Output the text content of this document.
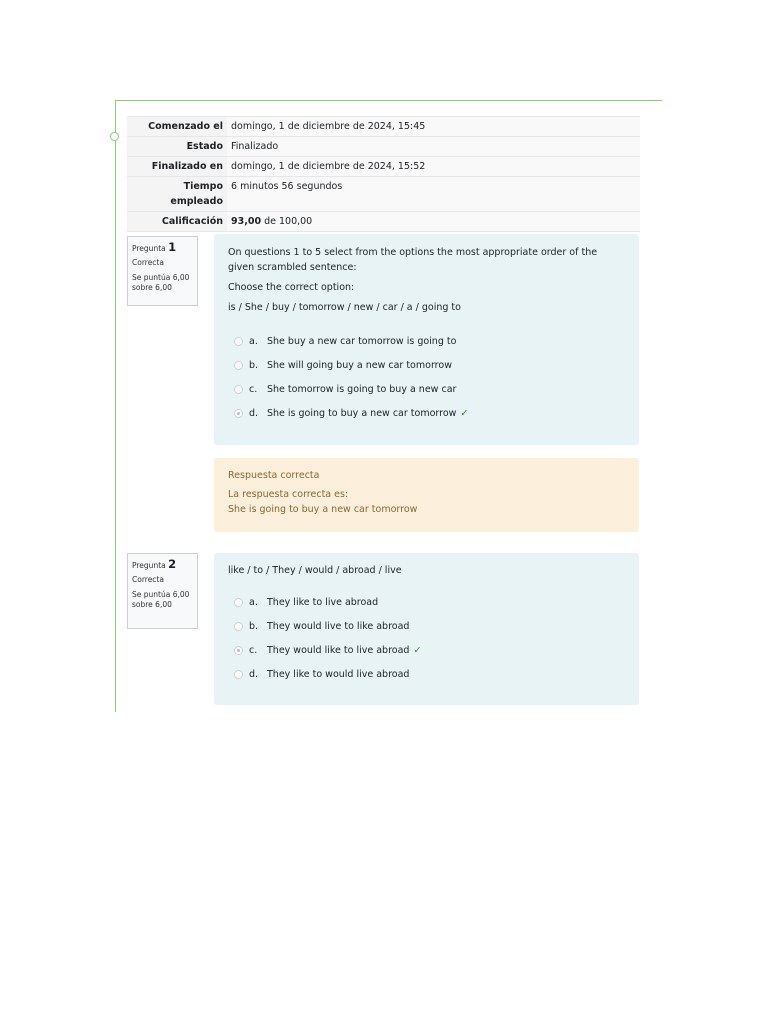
Comenzado el	domingo, 1 de diciembre de 2024, 15:45
Estado	Finalizado
Finalizado en	domingo, 1 de diciembre de 2024, 15:52
Tiempo empleado	6 minutos 56 segundos
Calificación	93,00 de 100,00
Pregunta 1
Correcta
Se puntúa 6,00 sobre 6,00
On questions 1 to 5 select from the options the most appropriate order of the given scrambled sentence:
Choose the correct option:
is / She / buy / tomorrow / new / car / a / going to
a. She buy a new car tomorrow is going to
b. She will going buy a new car tomorrow
c.	She tomorrow is going to buy a new car
d. She is going to buy a new car tomorrow ✓
Respuesta correcta
La respuesta correcta es:
She is going to buy a new car tomorrow
Pregunta 2
Correcta
Se puntúa 6,00 sobre 6,00
like / to / They / would / abroad / live
a. They like to live abroad
b. They would live to like abroad
c.	They would like to live abroad ✓
d. They like to would live abroad
